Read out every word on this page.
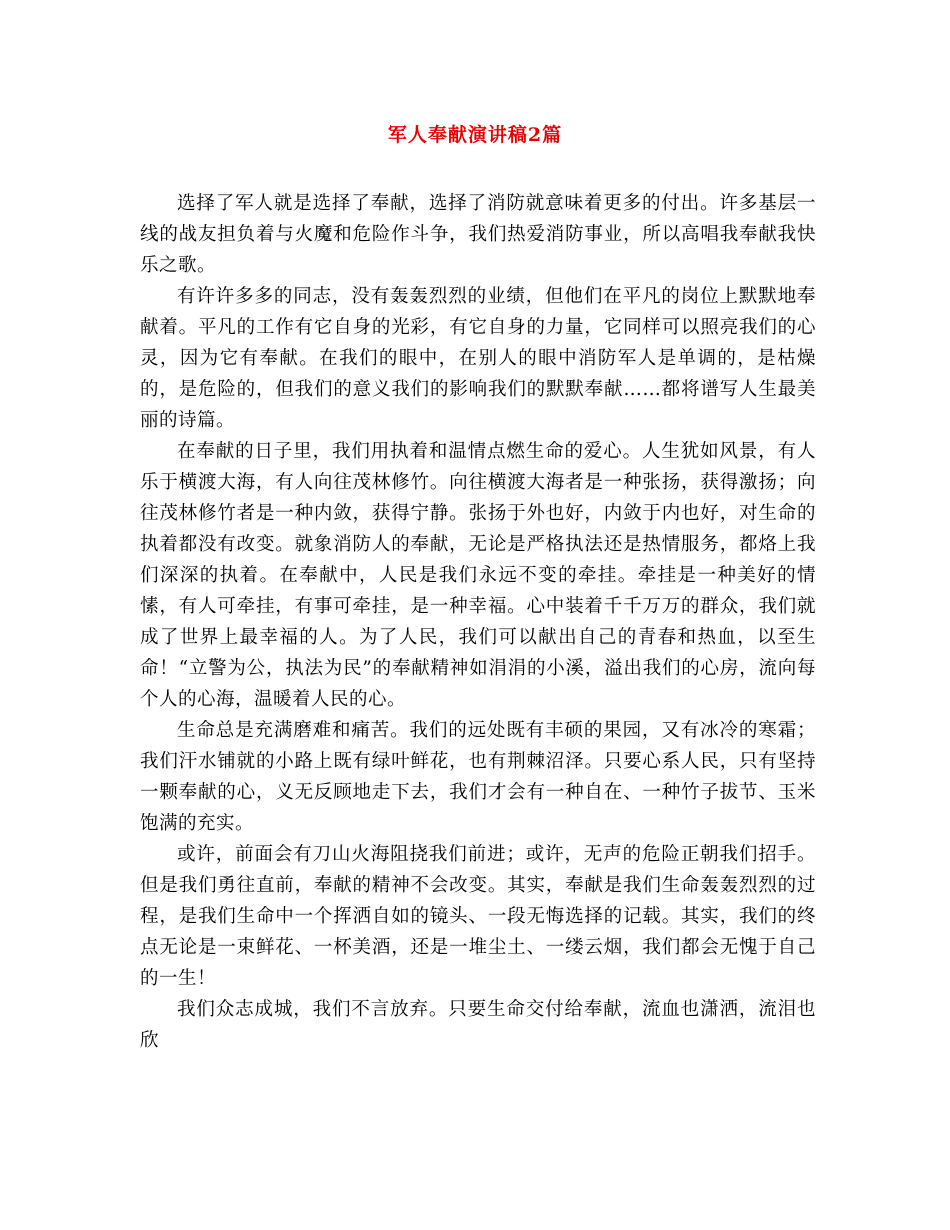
军人奉献演讲稿2篇

选择了军人就是选择了奉献，选择了消防就意味着更多的付出。许多基层一线的战友担负着与火魔和危险作斗争，我们热爱消防事业，所以高唱我奉献我快乐之歌。

有许许多多的同志，没有轰轰烈烈的业绩，但他们在平凡的岗位上默默地奉献着。平凡的工作有它自身的光彩，有它自身的力量，它同样可以照亮我们的心灵，因为它有奉献。在我们的眼中，在别人的眼中消防军人是单调的，是枯燥的，是危险的，但我们的意义我们的影响我们的默默奉献……都将谱写人生最美丽的诗篇。

在奉献的日子里，我们用执着和温情点燃生命的爱心。人生犹如风景，有人乐于横渡大海，有人向往茂林修竹。向往横渡大海者是一种张扬，获得激扬；向往茂林修竹者是一种内敛，获得宁静。张扬于外也好，内敛于内也好，对生命的执着都没有改变。就象消防人的奉献，无论是严格执法还是热情服务，都烙上我们深深的执着。在奉献中，人民是我们永远不变的牵挂。牵挂是一种美好的情愫，有人可牵挂，有事可牵挂，是一种幸福。心中装着千千万万的群众，我们就成了世界上最幸福的人。为了人民，我们可以献出自己的青春和热血，以至生命！“立警为公，执法为民”的奉献精神如涓涓的小溪，溢出我们的心房，流向每个人的心海，温暖着人民的心。

生命总是充满磨难和痛苦。我们的远处既有丰硕的果园，又有冰冷的寒霜；我们汗水铺就的小路上既有绿叶鲜花，也有荆棘沼泽。只要心系人民，只有坚持一颗奉献的心，义无反顾地走下去，我们才会有一种自在、一种竹子拔节、玉米饱满的充实。

或许，前面会有刀山火海阻挠我们前进；或许，无声的危险正朝我们招手。但是我们勇往直前，奉献的精神不会改变。其实，奉献是我们生命轰轰烈烈的过程，是我们生命中一个挥洒自如的镜头、一段无悔选择的记载。其实，我们的终点无论是一束鲜花、一杯美酒，还是一堆尘土、一缕云烟，我们都会无愧于自己的一生！

我们众志成城，我们不言放弃。只要生命交付给奉献，流血也潇洒，流泪也欣
